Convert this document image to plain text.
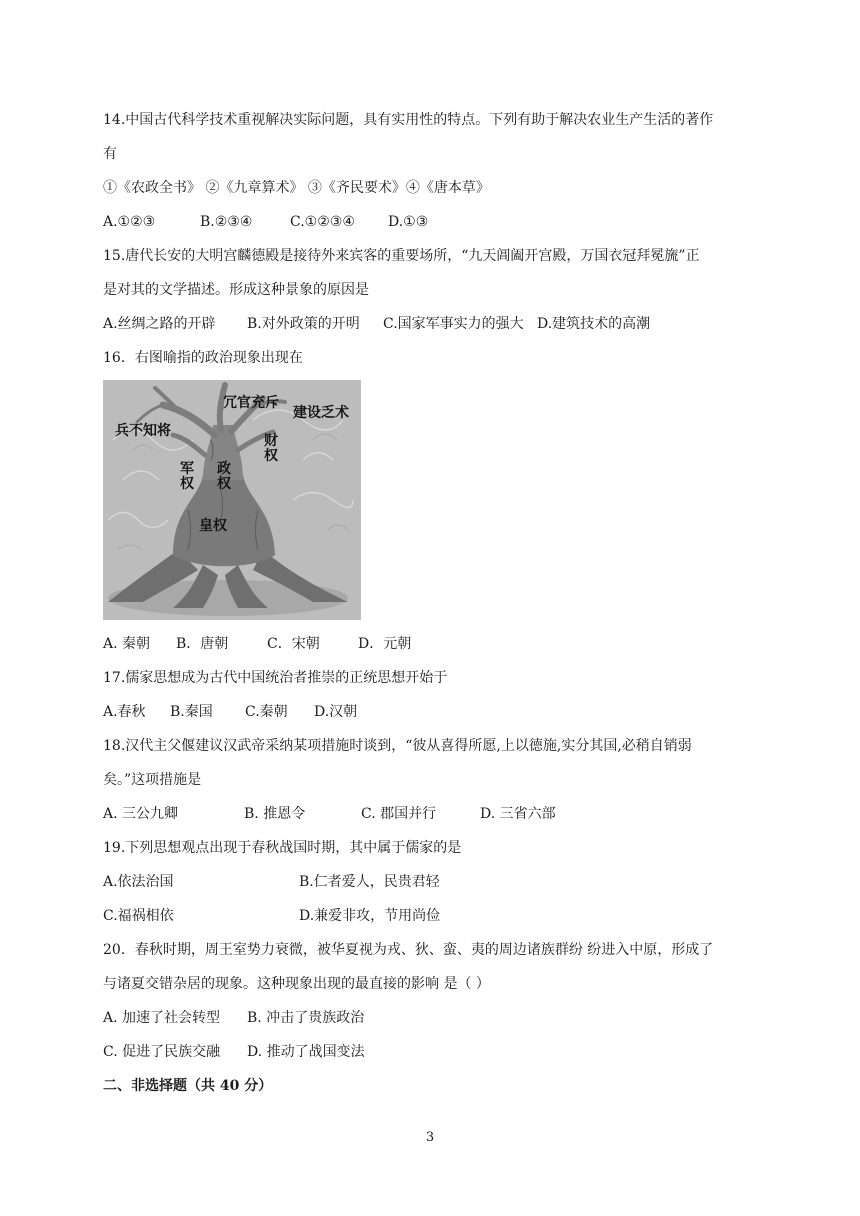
14.中国古代科学技术重视解决实际问题，具有实用性的特点。下列有助于解决农业生产生活的著作
有
①《农政全书》 ②《九章算术》 ③《齐民要术》④《唐本草》
A.①②③	B.②③④	C.①②③④ D.①③
15.唐代长安的大明宫麟德殿是接待外来宾客的重要场所，“九天阊阖开宫殿，万国衣冠拜冕旒”正
是对其的文学描述。形成这种景象的原因是
A.丝绸之路的开辟 B.对外政策的开明 C.国家军事实力的强大 D.建筑技术的高潮
16．右图喻指的政治现象出现在
兵不知将
冗官充斥
建设乏术
财权
军权
政权
皇权
A. 秦朝 B．唐朝	C．宋朝	D．元朝
17.儒家思想成为古代中国统治者推崇的正统思想开始于
A.春秋 B.秦国 C.秦朝 D.汉朝
18.汉代主父偃建议汉武帝采纳某项措施时谈到，“彼从喜得所愿,上以德施,实分其国,必稍自销弱
矣。”这项措施是
A. 三公九卿	B. 推恩令	C. 郡国并行	D. 三省六部
19.下列思想观点出现于春秋战国时期，其中属于儒家的是
A.依法治国	B.仁者爱人，民贵君轻
C.福祸相依	D.兼爱非攻，节用尚俭
20．春秋时期，周王室势力衰微，被华夏视为戎、狄、蛮、夷的周边诸族群纷 纷进入中原，形成了
与诸夏交错杂居的现象。这种现象出现的最直接的影响 是（ ）
A. 加速了社会转型 B. 冲击了贵族政治
C. 促进了民族交融 D. 推动了战国变法
二、非选择题（共 40 分）
3
